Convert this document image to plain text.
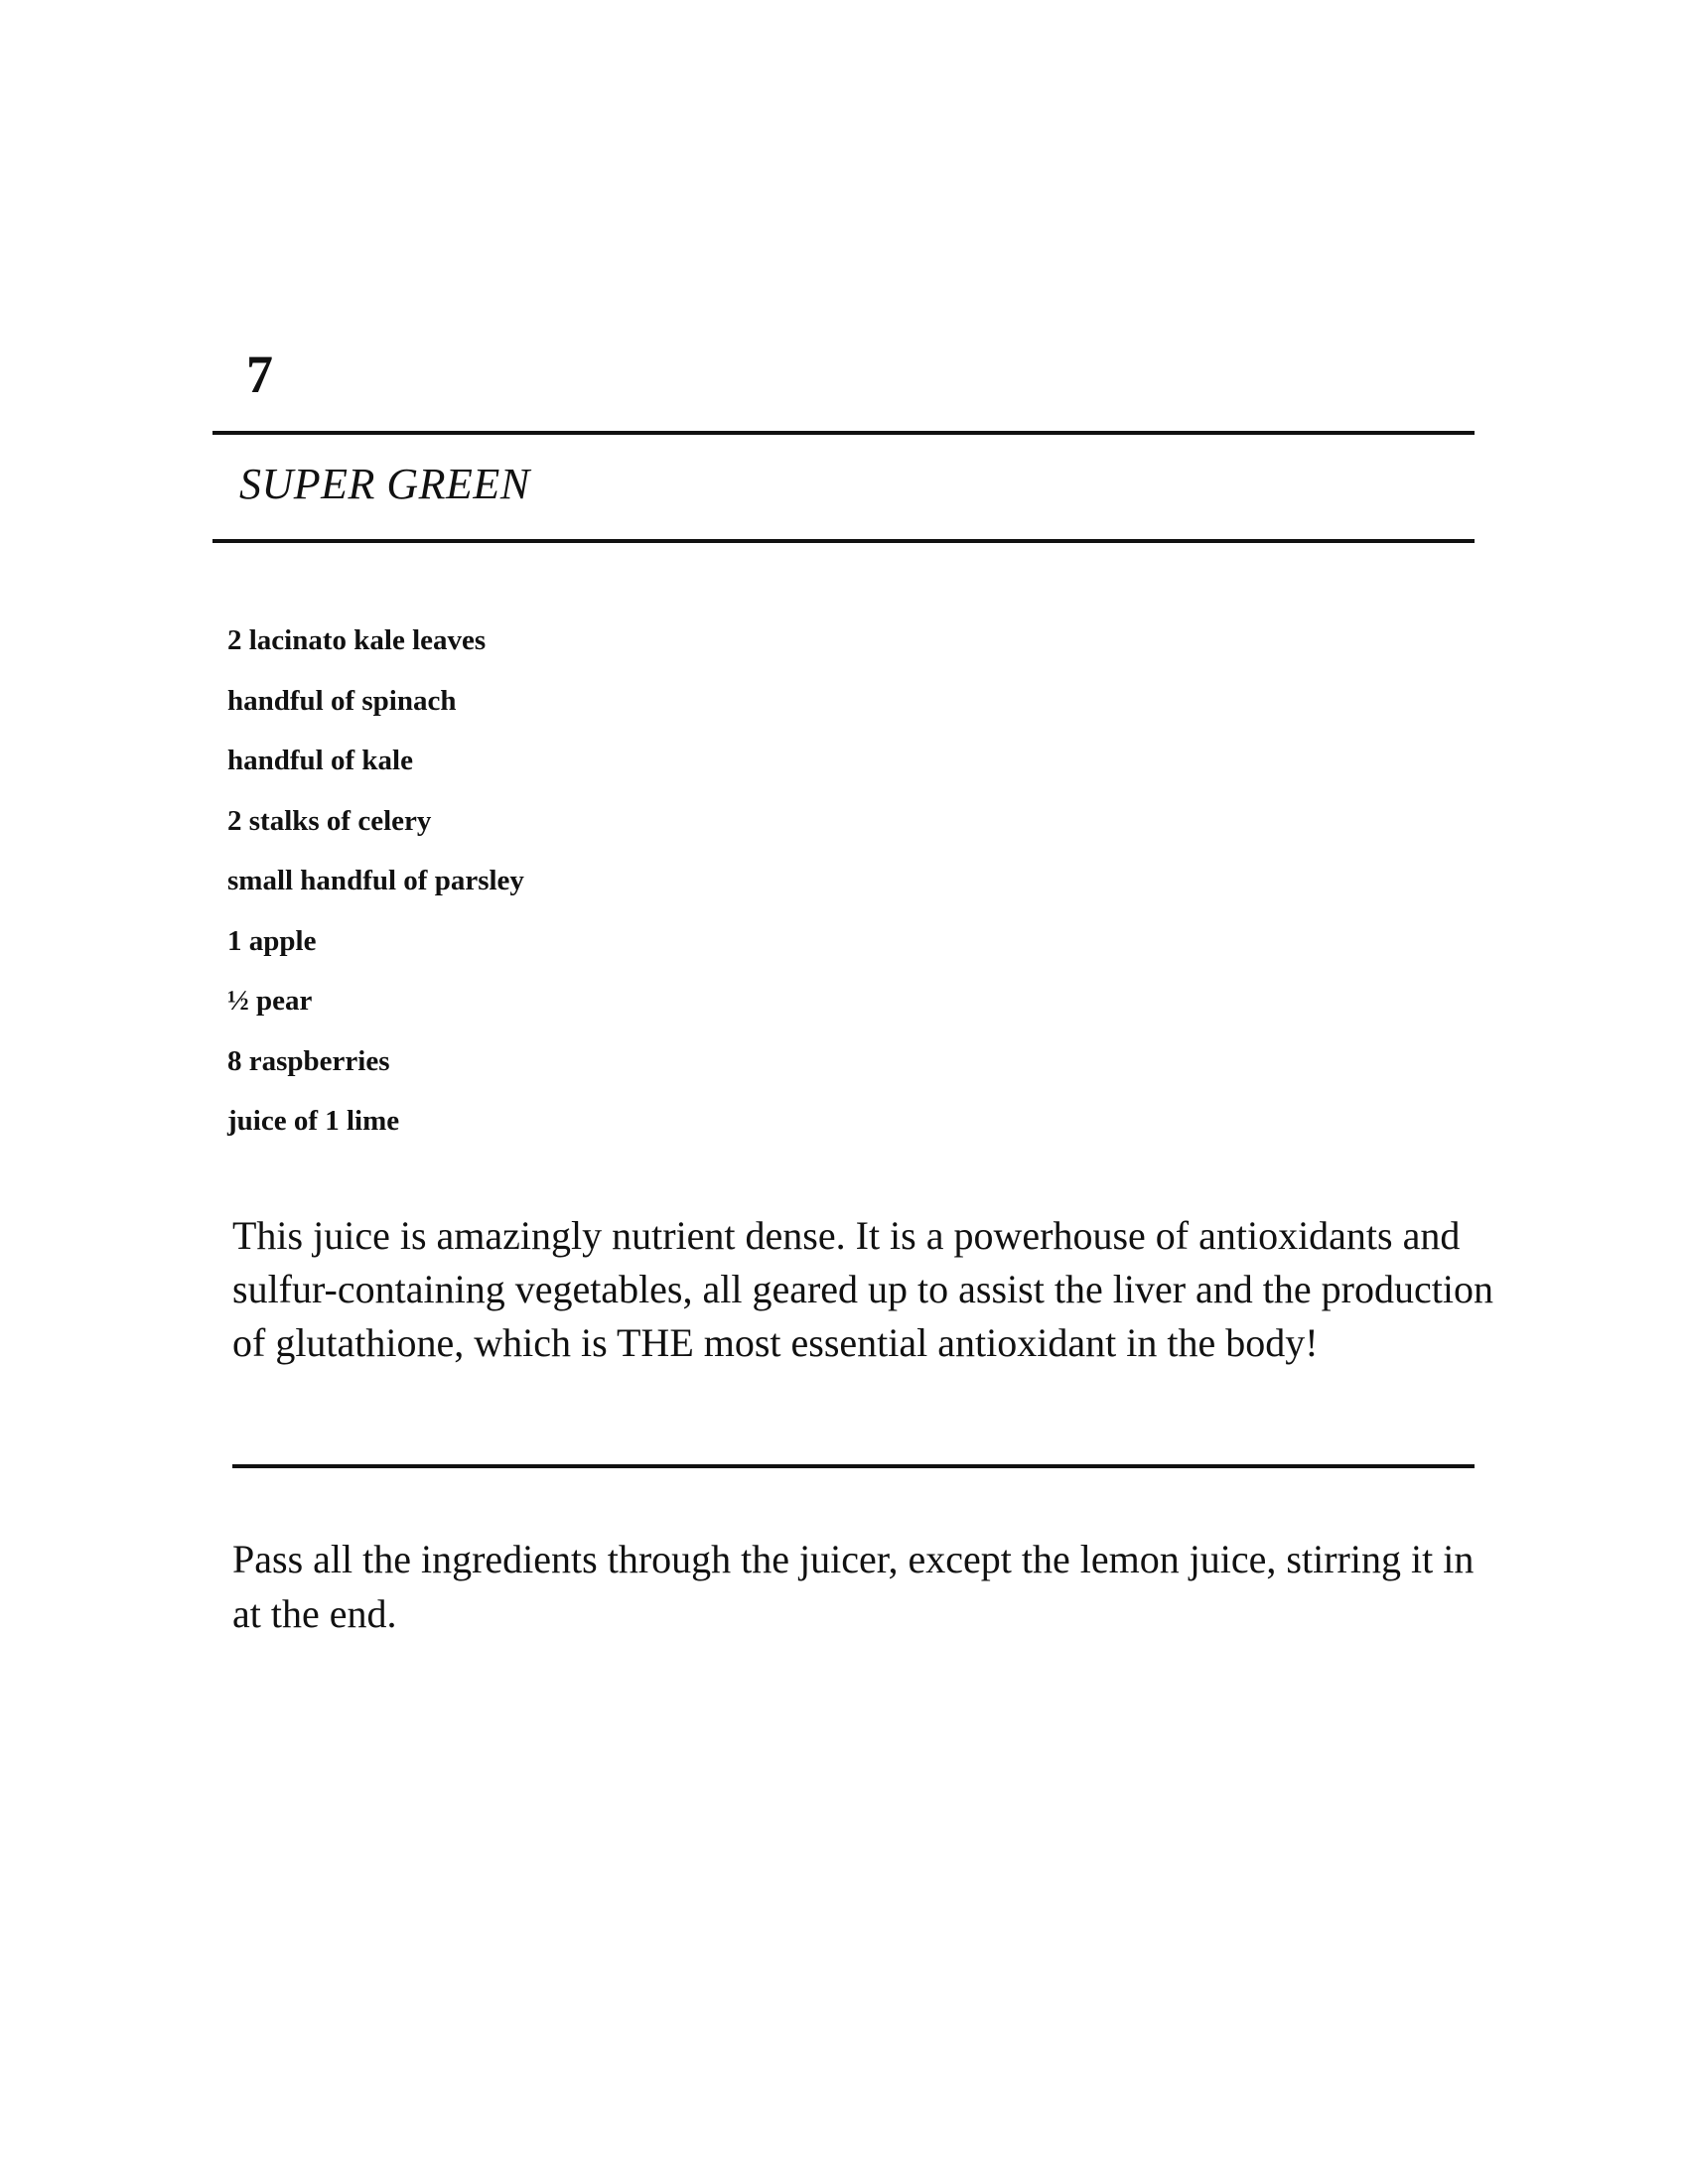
7
SUPER GREEN
2 lacinato kale leaves
handful of spinach
handful of kale
2 stalks of celery
small handful of parsley
1 apple
½ pear
8 raspberries
juice of 1 lime

This juice is amazingly nutrient dense. It is a powerhouse of antioxidants and sulfur-containing vegetables, all geared up to assist the liver and the production of glutathione, which is THE most essential antioxidant in the body!

Pass all the ingredients through the juicer, except the lemon juice, stirring it in at the end.
